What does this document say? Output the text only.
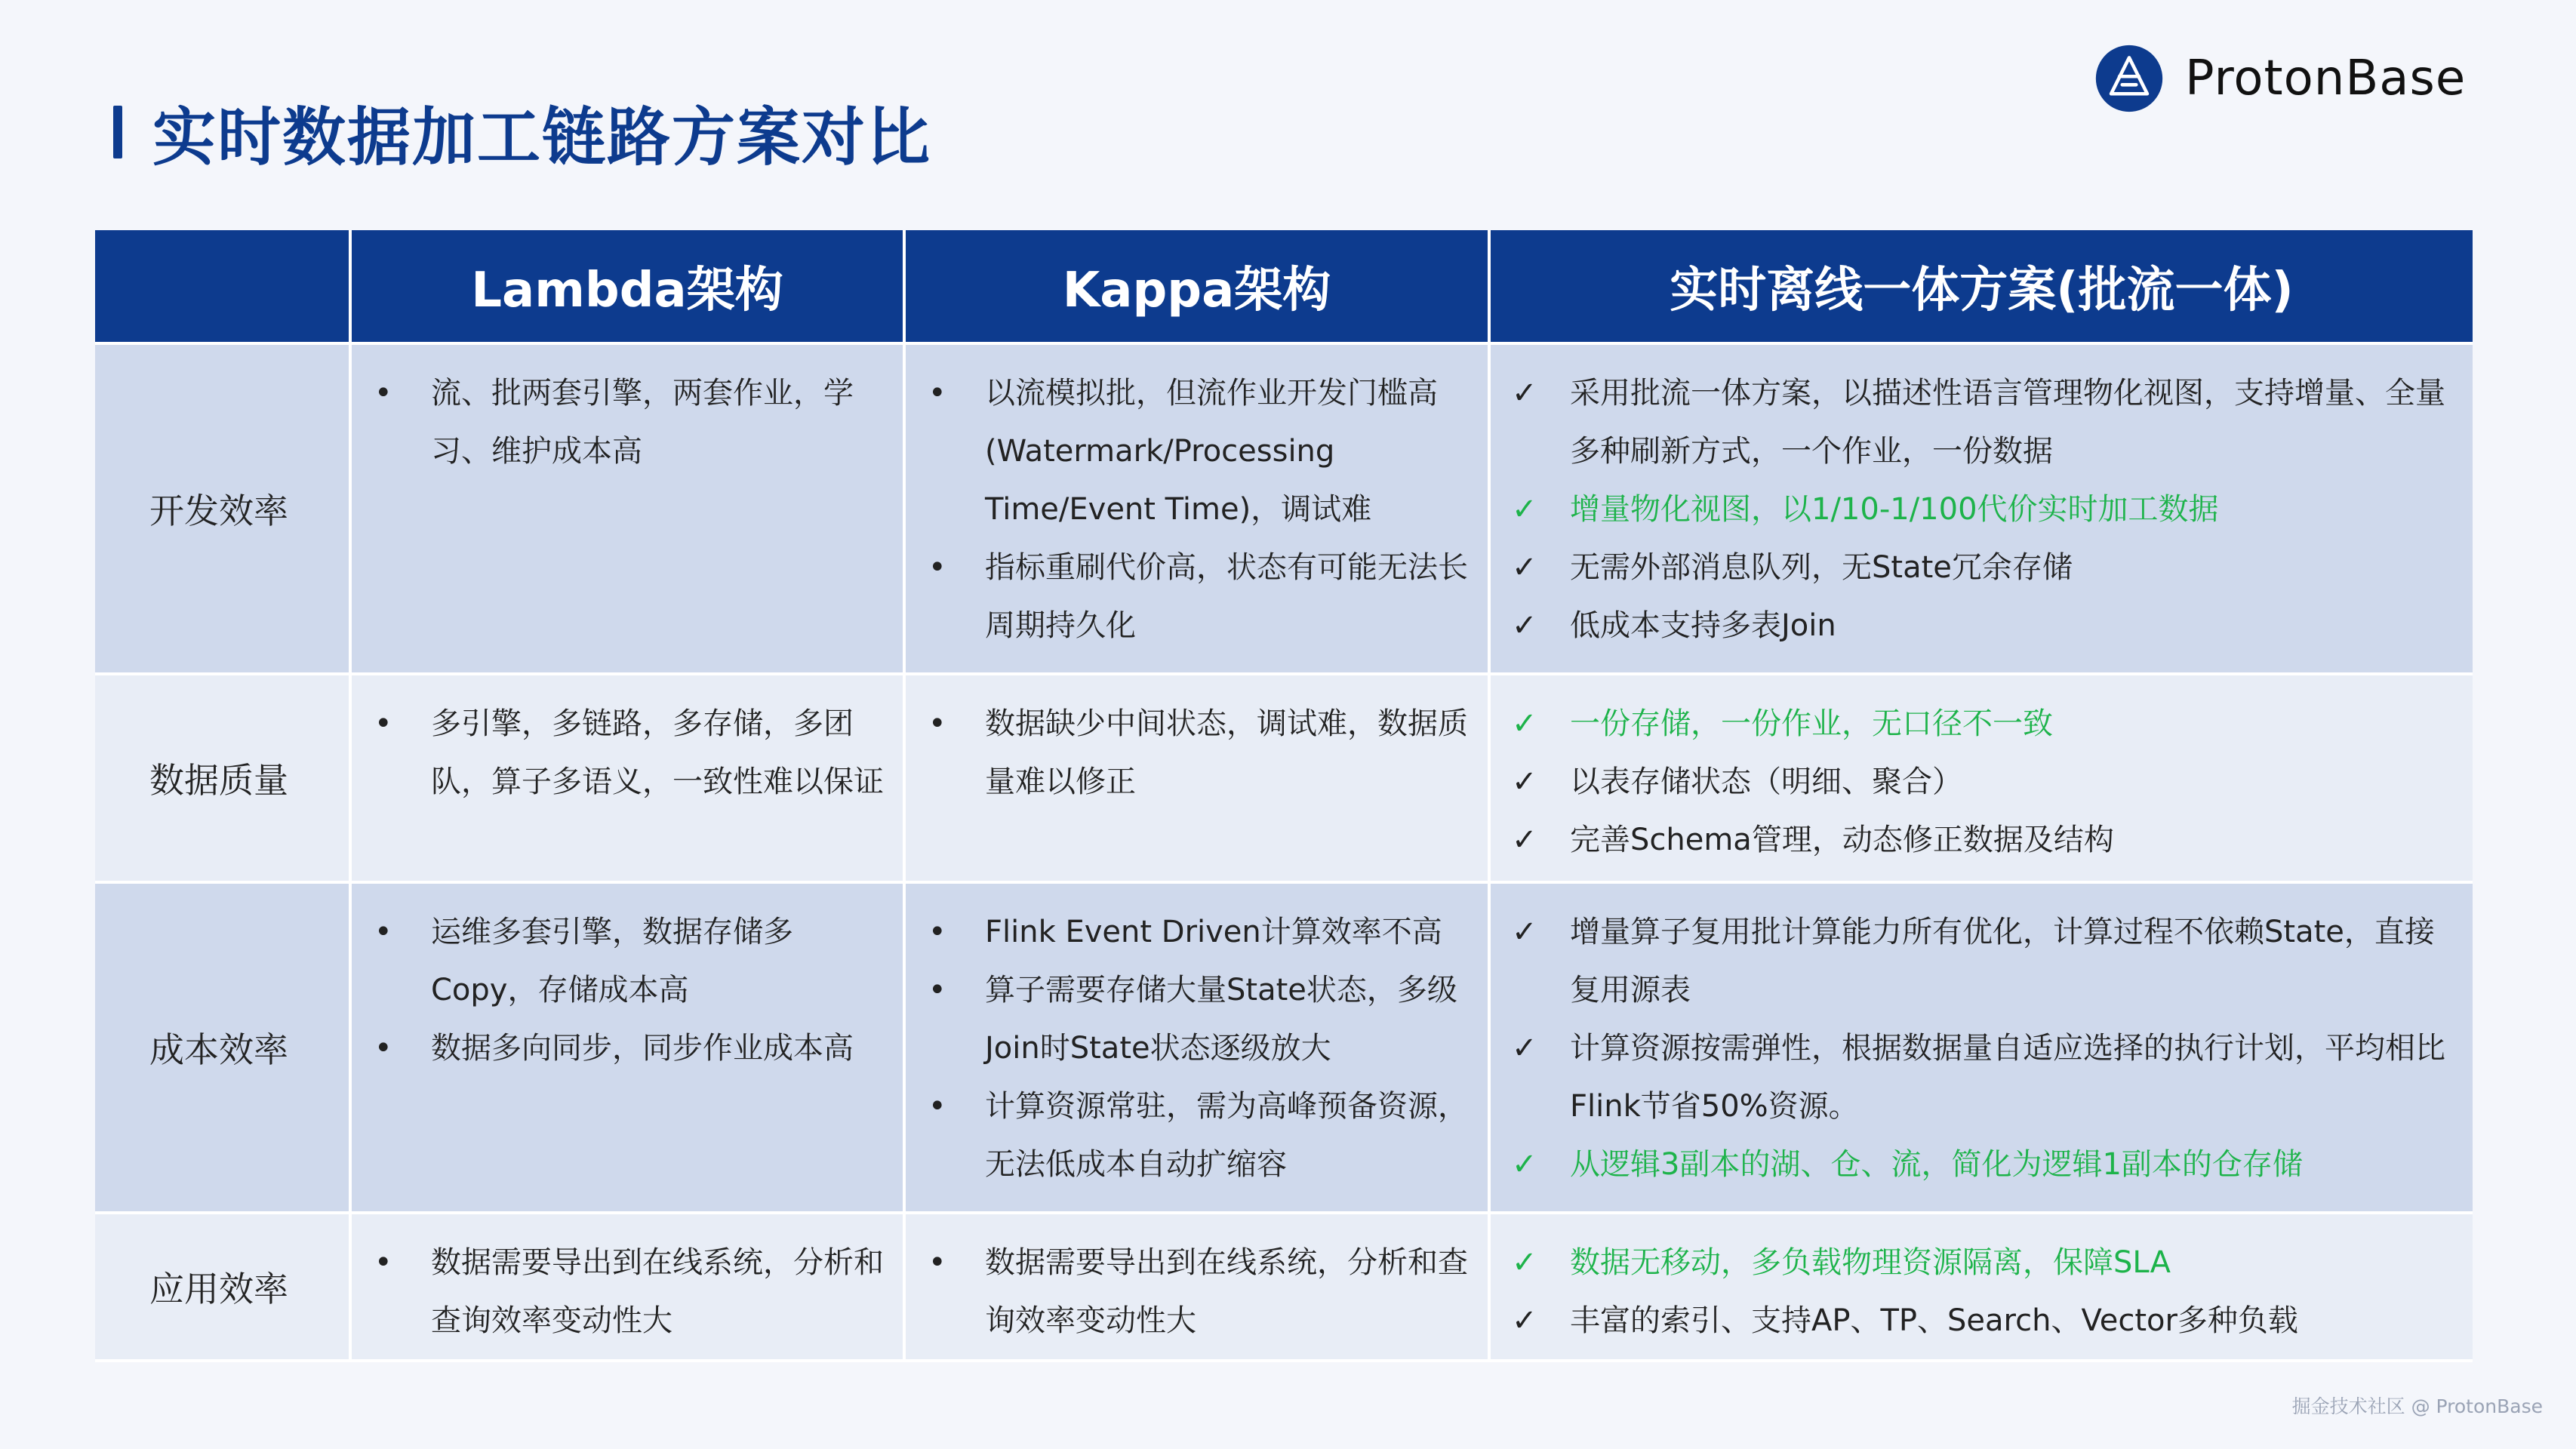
实时数据加工链路方案对比
ProtonBase
Lambda架构	Kappa架构	实时离线一体方案(批流一体)
开发效率
• 流、批两套引擎，两套作业，学习、维护成本高
• 以流模拟批，但流作业开发门槛高(Watermark/Processing Time/Event Time)，调试难
• 指标重刷代价高，状态有可能无法长周期持久化
✓ 采用批流一体方案，以描述性语言管理物化视图，支持增量、全量多种刷新方式，一个作业，一份数据
✓ 增量物化视图，以1/10-1/100代价实时加工数据
✓ 无需外部消息队列，无State冗余存储
✓ 低成本支持多表Join
数据质量
• 多引擎，多链路，多存储，多团队，算子多语义，一致性难以保证
• 数据缺少中间状态，调试难，数据质量难以修正
✓ 一份存储，一份作业，无口径不一致
✓ 以表存储状态（明细、聚合）
✓ 完善Schema管理，动态修正数据及结构
成本效率
• 运维多套引擎，数据存储多Copy，存储成本高
• 数据多向同步，同步作业成本高
• Flink Event Driven计算效率不高
• 算子需要存储大量State状态，多级Join时State状态逐级放大
• 计算资源常驻，需为高峰预备资源，无法低成本自动扩缩容
✓ 增量算子复用批计算能力所有优化，计算过程不依赖State，直接复用源表
✓ 计算资源按需弹性，根据数据量自适应选择的执行计划，平均相比Flink节省50%资源。
✓ 从逻辑3副本的湖、仓、流，简化为逻辑1副本的仓存储
应用效率
• 数据需要导出到在线系统，分析和查询效率变动性大
• 数据需要导出到在线系统，分析和查询效率变动性大
✓ 数据无移动，多负载物理资源隔离，保障SLA
✓ 丰富的索引、支持AP、TP、Search、Vector多种负载
掘金技术社区 @ ProtonBase
